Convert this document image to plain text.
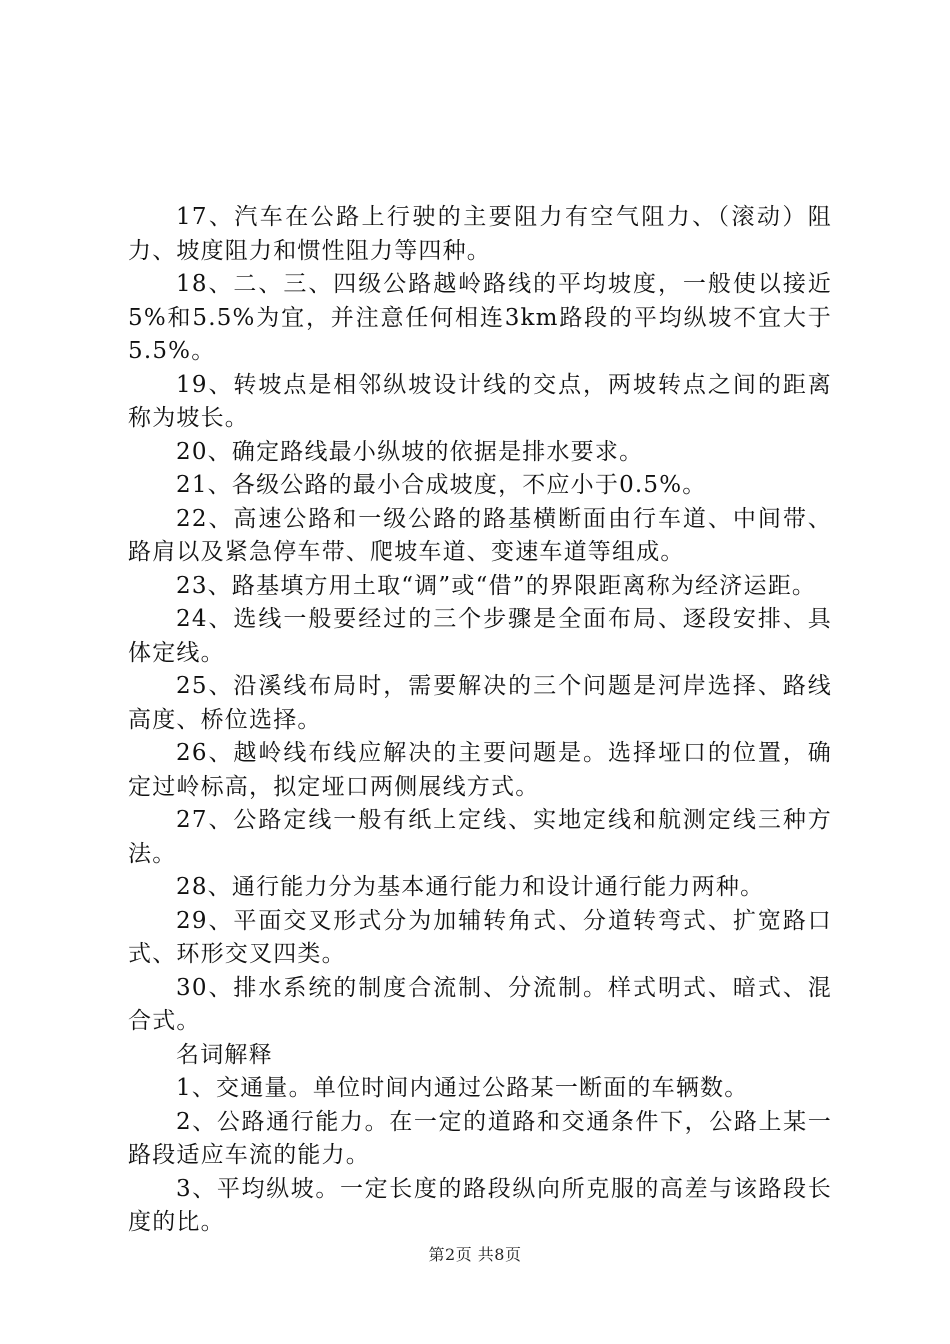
17、汽车在公路上行驶的主要阻力有空气阻力、（滚动）阻力、坡度阻力和惯性阻力等四种。

18、二、三、四级公路越岭路线的平均坡度，一般使以接近5%和5.5%为宜，并注意任何相连3km路段的平均纵坡不宜大于5.5%。

19、转坡点是相邻纵坡设计线的交点，两坡转点之间的距离称为坡长。

20、确定路线最小纵坡的依据是排水要求。

21、各级公路的最小合成坡度，不应小于0.5%。

22、高速公路和一级公路的路基横断面由行车道、中间带、路肩以及紧急停车带、爬坡车道、变速车道等组成。

23、路基填方用土取“调”或“借”的界限距离称为经济运距。

24、选线一般要经过的三个步骤是全面布局、逐段安排、具体定线。

25、沿溪线布局时，需要解决的三个问题是河岸选择、路线高度、桥位选择。

26、越岭线布线应解决的主要问题是。选择垭口的位置，确定过岭标高，拟定垭口两侧展线方式。

27、公路定线一般有纸上定线、实地定线和航测定线三种方法。

28、通行能力分为基本通行能力和设计通行能力两种。

29、平面交叉形式分为加辅转角式、分道转弯式、扩宽路口式、环形交叉四类。

30、排水系统的制度合流制、分流制。样式明式、暗式、混合式。

名词解释

1、交通量。单位时间内通过公路某一断面的车辆数。

2、公路通行能力。在一定的道路和交通条件下，公路上某一路段适应车流的能力。

3、平均纵坡。一定长度的路段纵向所克服的高差与该路段长度的比。

第2页 共8页
